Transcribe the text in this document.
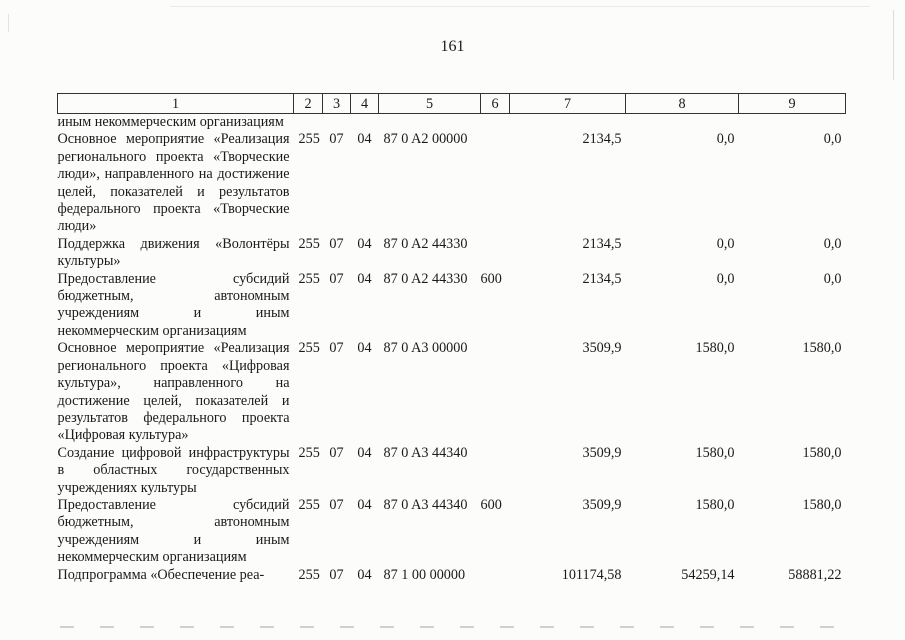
161
1	2	3	4	5	6	7	8	9
иным некоммерческим организациям								
Основное мероприятие «Реализация регионального проекта «Творческие люди», направленного на достижение целей, показателей и результатов федерального проекта «Творческие люди»	255	07	04	87 0 A2 00000		2134,5	0,0	0,0
Поддержка движения «Волонтёры культуры»	255	07	04	87 0 A2 44330		2134,5	0,0	0,0
Предоставление субсидий бюджетным, автономным учреждениям и иным некоммерческим организациям	255	07	04	87 0 A2 44330	600	2134,5	0,0	0,0
Основное мероприятие «Реализация регионального проекта «Цифровая культура», направленного на достижение целей, показателей и результатов федерального проекта «Цифровая культура»	255	07	04	87 0 A3 00000		3509,9	1580,0	1580,0
Создание цифровой инфраструктуры в областных государственных учреждениях культуры	255	07	04	87 0 A3 44340		3509,9	1580,0	1580,0
Предоставление субсидий бюджетным, автономным учреждениям и иным некоммерческим организациям	255	07	04	87 0 A3 44340	600	3509,9	1580,0	1580,0
Подпрограмма «Обеспечение реа-	255	07	04	87 1 00 00000		101174,58	54259,14	58881,22
